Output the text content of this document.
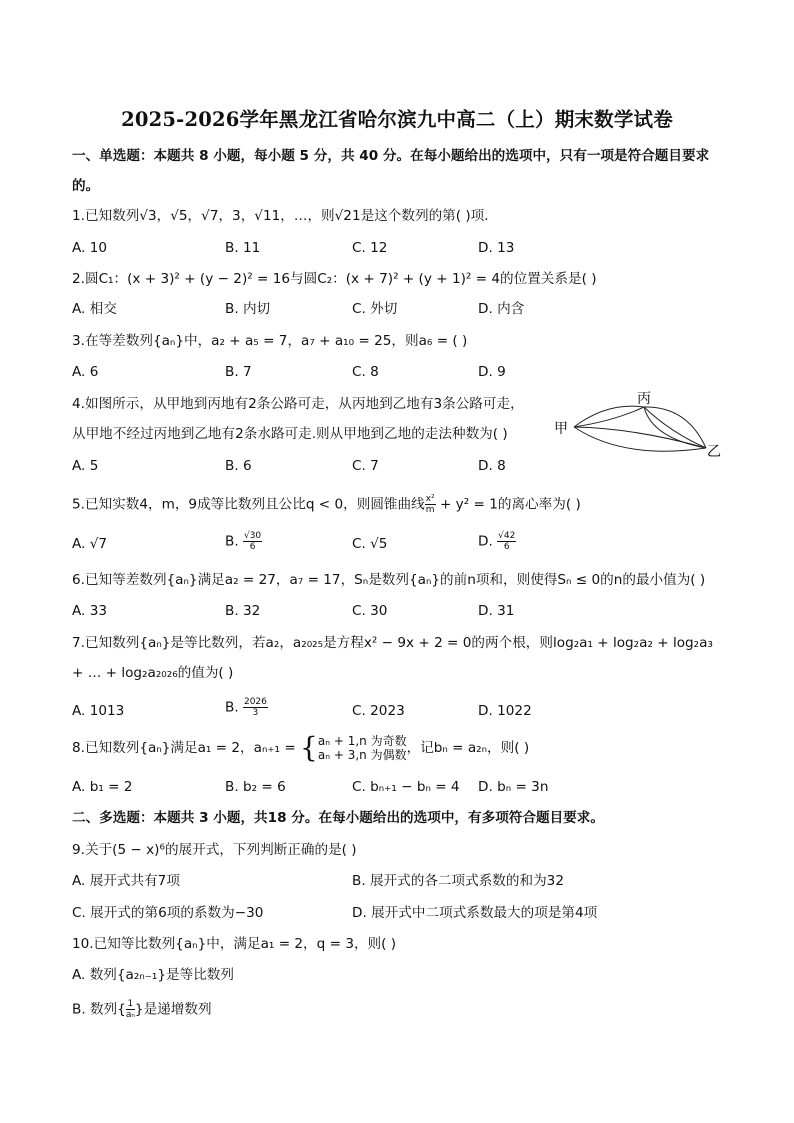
2025-2026学年黑龙江省哈尔滨九中高二（上）期末数学试卷
一、单选题：本题共 8 小题，每小题 5 分，共 40 分。在每小题给出的选项中，只有一项是符合题目要求
的。
1.已知数列√3，√5，√7，3，√11，…，则√21是这个数列的第( )项．
A. 10	B. 11	C. 12	D. 13
2.圆C₁：(x + 3)² + (y − 2)² = 16与圆C₂：(x + 7)² + (y + 1)² = 4的位置关系是( )
A. 相交	B. 内切	C. 外切	D. 内含
3.在等差数列{aₙ}中，a₂ + a₅ = 7，a₇ + a₁₀ = 25，则a₆ = ( )
A. 6	B. 7	C. 8	D. 9
4.如图所示，从甲地到丙地有2条公路可走，从丙地到乙地有3条公路可走，
从甲地不经过丙地到乙地有2条水路可走.则从甲地到乙地的走法种数为( )
A. 5	B. 6	C. 7	D. 8
甲
丙
乙
5.已知实数4，m，9成等比数列且公比q < 0，则圆锥曲线 $\frac{\text{x²}}{m} + y^2 = 1$的离心率为( )
A. √7	B. $\frac{√30}{6}$	C. √5	D. $\frac{√42}{6}$
6.已知等差数列{aₙ}满足a₂ = 27，a₇ = 17，Sₙ是数列{aₙ}的前n项和，则使得Sₙ ≤ 0的n的最小值为( )
A. 33	B. 32	C. 30	D. 31
7.已知数列{aₙ}是等比数列，若a₂，a₂₀₂₅是方程x² − 9x + 2 = 0的两个根，则log₂a₁ + log₂a₂ + log₂a₃
+ … + log₂a₂₀₂₆的值为( )
A. 1013	B. $\frac{2026}{3}$	C. 2023	D. 1022
8.已知数列{aₙ}满足a₁ = 2，aₙ₊₁ = { aₙ + 1,n 为奇数
aₙ + 3,n 为偶数 ，记bₙ = a₂ₙ，则( )
A. b₁ = 2	B. b₂ = 6	C. bₙ₊₁ − bₙ = 4 D. bₙ = 3n
二、多选题：本题共 3 小题，共18 分。在每小题给出的选项中，有多项符合题目要求。
9.关于(5 − x)⁶的展开式，下列判断正确的是( )
A. 展开式共有7项	B. 展开式的各二项式系数的和为32
C. 展开式的第6项的系数为−30	D. 展开式中二项式系数最大的项是第4项
10.已知等比数列{aₙ}中，满足a₁ = 2，q = 3，则( )
A. 数列{a₂ₙ₋₁}是等比数列
B. 数列{ $\frac{1}{\text{aₙ}}$ }是递增数列
